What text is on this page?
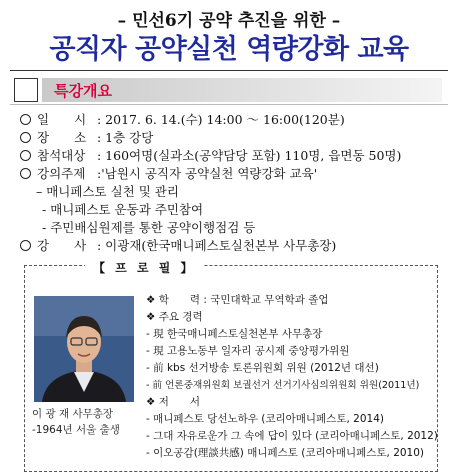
– 민선6기 공약 추진을 위한 –
공직자 공약실천 역량강화 교육
특강개요
일　　시 : 2017. 6. 14.(수) 14:00 ～ 16:00(120분)
장　　소 : 1층 강당
참석대상 : 160여명(실과소(공약담당 포함) 110명, 읍면동 50명)
강의주제 :'남원시 공직자 공약실천 역량강화 교육'
– 매니페스토 실천 및 관리
- 매니페스토 운동과 주민참여
- 주민배심원제를 통한 공약이행점검 등
강　　사 : 이광재(한국매니페스토실천본부 사무총장)
【 프 로 필 】
이 광 재 사무총장 -1964년 서울 출생
❖ 학　　력 : 국민대학교 무역학과 졸업
❖ 주요 경력
- 現 한국매니페스토실천본부 사무총장
- 現 고용노동부 일자리 공시제 중앙평가위원
- 前 kbs 선거방송 토론위원회 위원 (2012년 대선)
- 前 언론중재위원회 보궐선거 선거기사심의위원회 위원(2011년)
❖ 저　　서
- 매니페스토 당선노하우 (코리아매니페스토, 2014)
- 그대 자유로운가 그 속에 답이 있다 (코리아매니페스토, 2012)
- 이오공감(理談共感) 매니페스토 (코리아매니페스토, 2010)
